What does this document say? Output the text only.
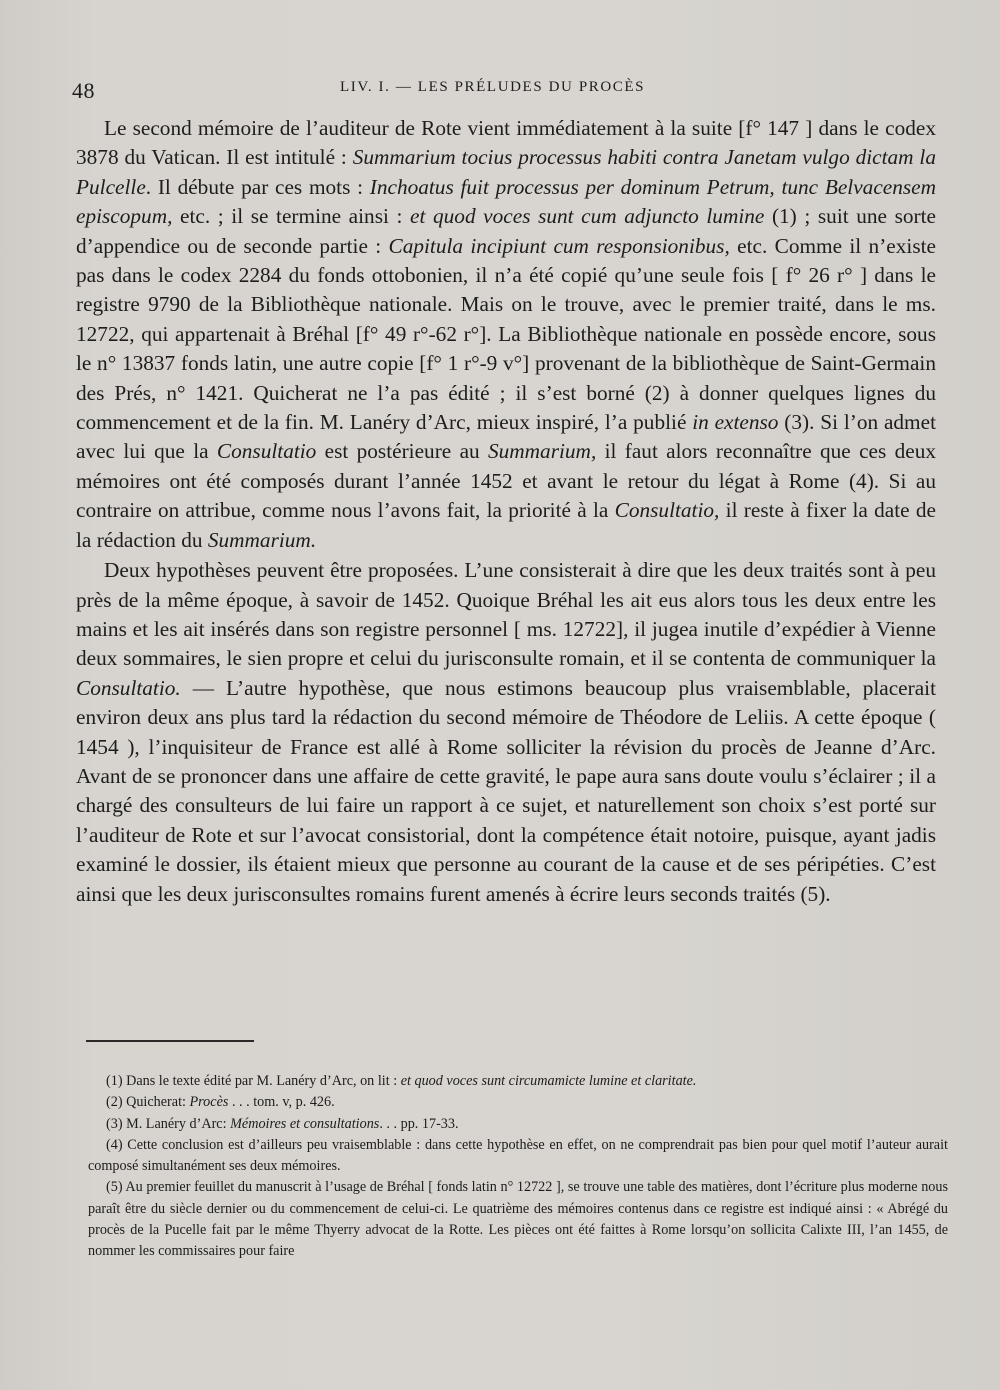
48	LIV. I. — LES PRÉLUDES DU PROCÈS

Le second mémoire de l’auditeur de Rote vient immédiatement à la suite [f° 147 ] dans le codex 3878 du Vatican. Il est intitulé : Summarium tocius processus habiti contra Janetam vulgo dictam la Pulcelle. Il débute par ces mots : Inchoatus fuit processus per dominum Petrum, tunc Belvacensem episcopum, etc. ; il se termine ainsi : et quod voces sunt cum adjuncto lumine (1) ; suit une sorte d’appendice ou de seconde partie : Capitula incipiunt cum responsionibus, etc. Comme il n’existe pas dans le codex 2284 du fonds ottobonien, il n’a été copié qu’une seule fois [ f° 26 r° ] dans le registre 9790 de la Bibliothèque nationale. Mais on le trouve, avec le premier traité, dans le ms. 12722, qui appartenait à Bréhal [f° 49 r°-62 r°]. La Bibliothèque nationale en possède encore, sous le n° 13837 fonds latin, une autre copie [f° 1 r°-9 v°] provenant de la bibliothèque de Saint-Germain des Prés, n° 1421. Quicherat ne l’a pas édité ; il s’est borné (2) à donner quelques lignes du commencement et de la fin. M. Lanéry d’Arc, mieux inspiré, l’a publié in extenso (3). Si l’on admet avec lui que la Consultatio est postérieure au Summarium, il faut alors reconnaître que ces deux mémoires ont été composés durant l’année 1452 et avant le retour du légat à Rome (4). Si au contraire on attribue, comme nous l’avons fait, la priorité à la Consultatio, il reste à fixer la date de la rédaction du Summarium.

Deux hypothèses peuvent être proposées. L’une consisterait à dire que les deux traités sont à peu près de la même époque, à savoir de 1452. Quoique Bréhal les ait eus alors tous les deux entre les mains et les ait insérés dans son registre personnel [ ms. 12722], il jugea inutile d’expédier à Vienne deux sommaires, le sien propre et celui du jurisconsulte romain, et il se contenta de communiquer la Consultatio. — L’autre hypothèse, que nous estimons beaucoup plus vraisemblable, placerait environ deux ans plus tard la rédaction du second mémoire de Théodore de Leliis. A cette époque ( 1454 ), l’inquisiteur de France est allé à Rome solliciter la révision du procès de Jeanne d’Arc. Avant de se prononcer dans une affaire de cette gravité, le pape aura sans doute voulu s’éclairer ; il a chargé des consulteurs de lui faire un rapport à ce sujet, et naturellement son choix s’est porté sur l’auditeur de Rote et sur l’avocat consistorial, dont la compétence était notoire, puisque, ayant jadis examiné le dossier, ils étaient mieux que personne au courant de la cause et de ses péripéties. C’est ainsi que les deux jurisconsultes romains furent amenés à écrire leurs seconds traités (5).

(1) Dans le texte édité par M. Lanéry d’Arc, on lit : et quod voces sunt circumamicte lumine et claritate.

(2) Quicherat: Procès . . . tom. v, p. 426.

(3) M. Lanéry d’Arc: Mémoires et consultations. . . pp. 17-33.

(4) Cette conclusion est d’ailleurs peu vraisemblable : dans cette hypothèse en effet, on ne comprendrait pas bien pour quel motif l’auteur aurait composé simultanément ses deux mémoires.

(5) Au premier feuillet du manuscrit à l’usage de Bréhal [ fonds latin n° 12722 ], se trouve une table des matières, dont l’écriture plus moderne nous paraît être du siècle dernier ou du commencement de celui-ci. Le quatrième des mémoires contenus dans ce registre est indiqué ainsi : « Abrégé du procès de la Pucelle fait par le même Thyerry advocat de la Rotte. Les pièces ont été faittes à Rome lorsqu’on sollicita Calixte III, l’an 1455, de nommer les commissaires pour faire
